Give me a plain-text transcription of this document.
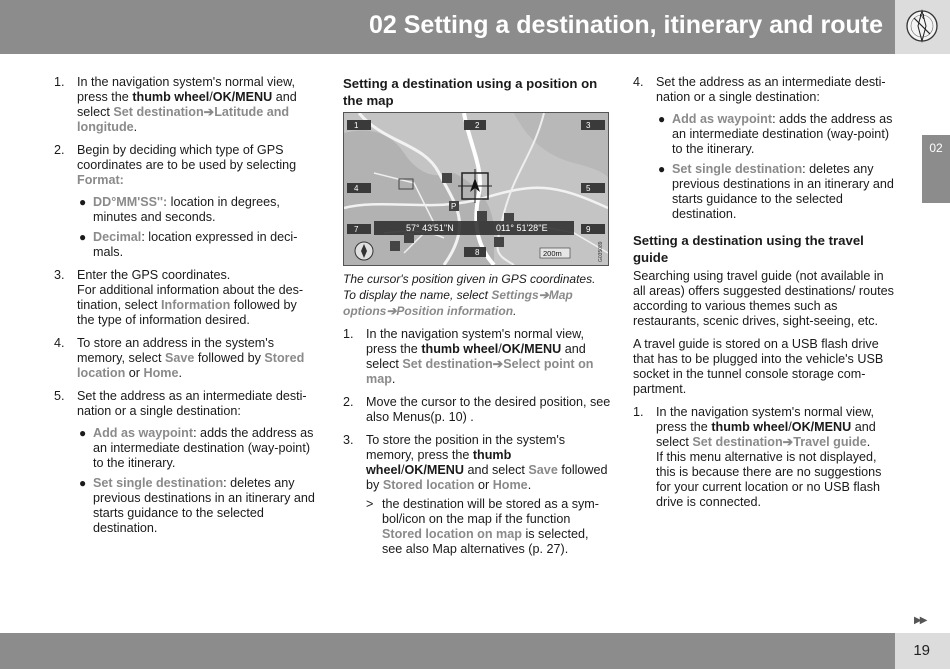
02 Setting a destination, itinerary and route	N
02
▶▶
19
1. In the navigation system's normal view, press the thumb wheel/OK/MENU and select Set destination➔Latitude and longitude.

2. Begin by deciding which type of GPS coordinates are to be used by selecting Format:

● DD°MM'SS'': location in degrees, minutes and seconds.
● Decimal: location expressed in deci-mals.
3. Enter the GPS coordinates.

For additional information about the des-tination, select Information followed by the type of information desired.

4. To store an address in the system's memory, select Save followed by Stored location or Home.

5. Set the address as an intermediate desti-nation or a single destination:

● Add as waypoint: adds the address as an intermediate destination (way-point) to the itinerary.
● Set single destination: deletes any previous destinations in an itinerary and starts guidance to the selected destination.
Setting a destination using a position on the map
1	2	3
4	5
7
8
9
57° 43'51''N	011° 51'28''E
P
200m	G035089

The cursor's position given in GPS coordinates. To display the name, select Settings➔Map options➔Position information.

1. In the navigation system's normal view, press the thumb wheel/OK/MENU and select Set destination➔Select point on map.

2. Move the cursor to the desired position, see also Menus(p. 10) .

3. To store the position in the system's memory, press the thumb wheel/OK/MENU and select Save followed by Stored location or Home.

> the destination will be stored as a sym-bol/icon on the map if the function Stored location on map is selected, see also Map alternatives (p. 27).
4. Set the address as an intermediate desti-nation or a single destination:

● Add as waypoint: adds the address as an intermediate destination (way-point) to the itinerary.
● Set single destination: deletes any previous destinations in an itinerary and starts guidance to the selected destination.
Setting a destination using the travel guide

Searching using travel guide (not available in all areas) offers suggested destinations/ routes according to various themes such as restaurants, scenic drives, sight-seeing, etc.

A travel guide is stored on a USB flash drive that has to be plugged into the vehicle's USB socket in the tunnel console storage com-partment.

1. In the navigation system's normal view, press the thumb wheel/OK/MENU and select Set destination➔Travel guide.

If this menu alternative is not displayed, this is because there are no suggestions for your current location or no USB flash drive is connected.
